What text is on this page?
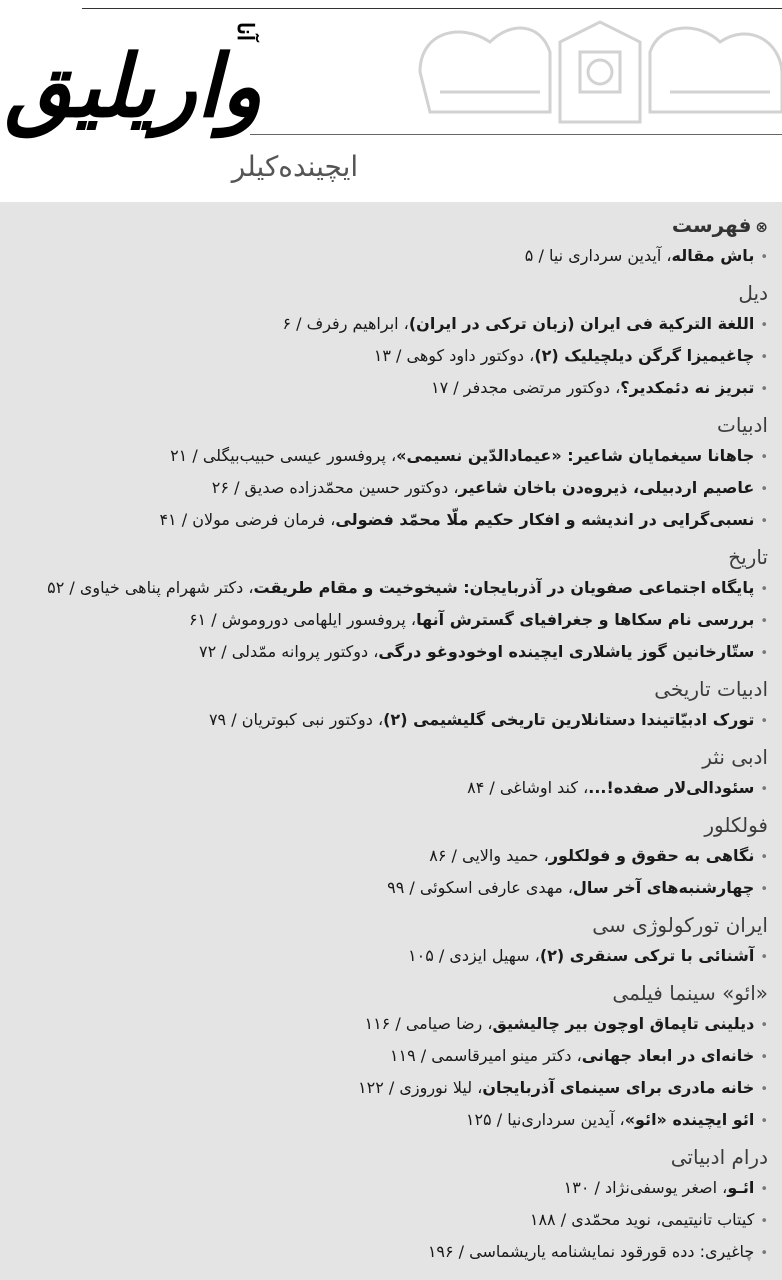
واریلیق
آنا
ایچینده‌کیلر
⊗فهرست
•باش مقاله، آیدین سرداری نیا / ۵
دیل
•اللغة الترکیة فی ایران (زبان ترکی در ایران)، ابراهیم رفرف / ۶
•چاغیمیزا گرگن دیلچیلیک (۲)، دوکتور داود کوهی / ۱۳
•تبریز نه دئمکدیر؟، دوکتور مرتضی مجدفر / ۱۷
ادبیات
•جاهانا سیغمایان شاعیر: «عیمادالدّین نسیمی»، پروفسور عیسی حبیب‌بیگلی / ۲۱
•عاصیم اردبیلی، ذیروه‌دن باخان شاعیر، دوکتور حسین محمّدزاده صدیق / ۲۶
•نسبی‌گرایی در اندیشه و افکار حکیم ملّا محمّد فضولی، فرمان فرضی مولان / ۴۱
تاریخ
•پایگاه اجتماعی صفویان در آذربایجان: شیخوخیت و مقام طریقت، دکتر شهرام پناهی خیاوی / ۵۲
•بررسی نام سکاها و جغرافیای گسترش آنها، پروفسور ایلهامی دوروموش / ۶۱
•ستّارخانین گوز یاشلاری ایچینده اوخودوغو درگی، دوکتور پروانه ممّدلی / ۷۲
ادبیات تاریخی
•تورک ادبیّاتیندا دستانلارین تاریخی گلیشیمی (۲)، دوکتور نبی کبوتریان / ۷۹
ادبی نثر
•سئودالی‌لار صفده!...، کند اوشاغی / ۸۴
فولکلور
•نگاهی به حقوق و فولکلور، حمید والایی / ۸۶
•چهارشنبه‌های آخر سال، مهدی عارفی اسکوئی / ۹۹
ایران تورکولوژی سی
•آشنائی با ترکی سنقری (۲)، سهیل ایزدی / ۱۰۵
«ائو» سینما فیلمی
•دیلینی تاپماق اوچون بیر چالیشیق، رضا صیامی / ۱۱۶
•خانه‌ای در ابعاد جهانی، دکتر مینو امیرقاسمی / ۱۱۹
•خانه مادری برای سینمای آذربایجان، لیلا نوروزی / ۱۲۲
•ائو ایچینده «ائو»، آیدین سرداری‌نیا / ۱۲۵
درام ادبیاتی
•ائـو، اصغر یوسفی‌نژاد / ۱۳۰
•کیتاب تانیتیمی، نوید محمّدی / ۱۸۸
•چاغیری: دده قورقود نمایشنامه یاریشماسی / ۱۹۶
